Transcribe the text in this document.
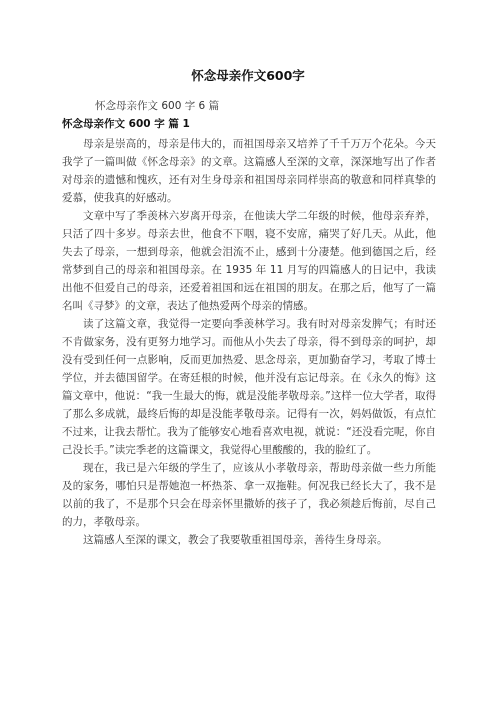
怀念母亲作文600字
怀念母亲作文 600 字 6 篇
怀念母亲作文 600 字 篇 1

母亲是崇高的，母亲是伟大的，而祖国母亲又培养了千千万万个花朵。今天我学了一篇叫做《怀念母亲》的文章。这篇感人至深的文章，深深地写出了作者对母亲的遗憾和愧疚，还有对生身母亲和祖国母亲同样崇高的敬意和同样真挚的爱慕，使我真的好感动。

文章中写了季羡林六岁离开母亲，在他读大学二年级的时候，他母亲弃养，只活了四十多岁。母亲去世，他食不下咽，寝不安席，痛哭了好几天。从此，他失去了母亲，一想到母亲，他就会泪流不止，感到十分凄楚。他到德国之后，经常梦到自己的母亲和祖国母亲。在 1935 年 11 月写的四篇感人的日记中，我读出他不但爱自己的母亲，还爱着祖国和远在祖国的朋友。在那之后，他写了一篇名叫《寻梦》的文章，表达了他热爱两个母亲的情感。

读了这篇文章，我觉得一定要向季羡林学习。我有时对母亲发脾气；有时还不肯做家务，没有更努力地学习。而他从小失去了母亲，得不到母亲的呵护，却没有受到任何一点影响，反而更加热爱、思念母亲，更加勤奋学习，考取了博士学位，并去德国留学。在寄廷根的时候，他并没有忘记母亲。在《永久的悔》这篇文章中，他说：“我一生最大的悔，就是没能孝敬母亲。”这样一位大学者，取得了那么多成就，最终后悔的却是没能孝敬母亲。记得有一次，妈妈做饭，有点忙不过来，让我去帮忙。我为了能够安心地看喜欢电视，就说：“还没看完呢，你自己没长手。”读完季老的这篇课文，我觉得心里酸酸的，我的脸红了。

现在，我已是六年级的学生了，应该从小孝敬母亲，帮助母亲做一些力所能及的家务，哪怕只是帮她泡一杯热茶、拿一双拖鞋。何况我已经长大了，我不是以前的我了，不是那个只会在母亲怀里撒娇的孩子了，我必须趁后悔前，尽自己的力，孝敬母亲。

这篇感人至深的课文，教会了我要敬重祖国母亲，善待生身母亲。
